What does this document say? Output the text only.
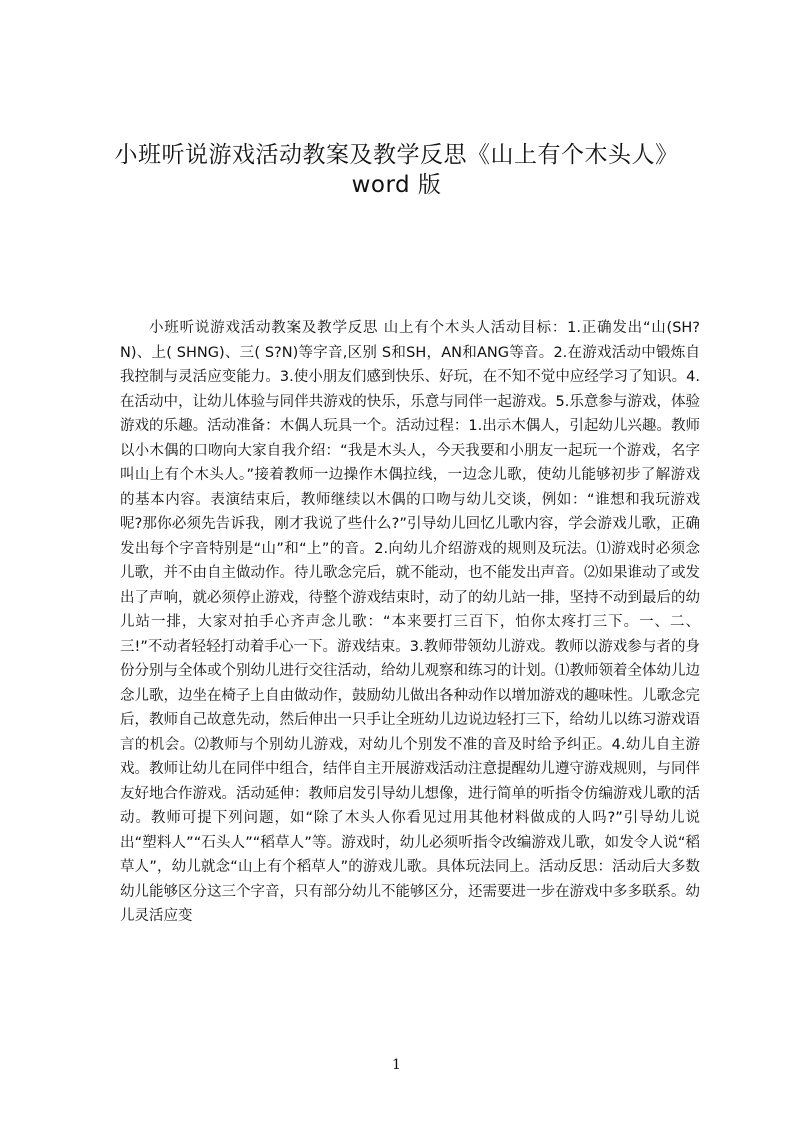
小班听说游戏活动教案及教学反思《山上有个木头人》word 版

小班听说游戏活动教案及教学反思 山上有个木头人活动目标：1.正确发出“山(SH?N)、上( SHNG)、三( S?N)等字音,区别 S和SH，AN和ANG等音。2.在游戏活动中锻炼自我控制与灵活应变能力。3.使小朋友们感到快乐、好玩，在不知不觉中应经学习了知识。4.在活动中，让幼儿体验与同伴共游戏的快乐，乐意与同伴一起游戏。5.乐意参与游戏，体验游戏的乐趣。活动准备：木偶人玩具一个。活动过程：1.出示木偶人，引起幼儿兴趣。教师以小木偶的口吻向大家自我介绍：“我是木头人，今天我要和小朋友一起玩一个游戏，名字叫山上有个木头人。”接着教师一边操作木偶拉线，一边念儿歌，使幼儿能够初步了解游戏的基本内容。表演结束后，教师继续以木偶的口吻与幼儿交谈，例如：“谁想和我玩游戏呢?那你必须先告诉我，刚才我说了些什么?”引导幼儿回忆儿歌内容，学会游戏儿歌，正确发出每个字音特别是“山”和“上”的音。2.向幼儿介绍游戏的规则及玩法。⑴游戏时必须念儿歌，并不由自主做动作。待儿歌念完后，就不能动，也不能发出声音。⑵如果谁动了或发出了声响，就必须停止游戏，待整个游戏结束时，动了的幼儿站一排，坚持不动到最后的幼儿站一排，大家对拍手心齐声念儿歌：“本来要打三百下，怕你太疼打三下。一、二、三!”不动者轻轻打动着手心一下。游戏结束。3.教师带领幼儿游戏。教师以游戏参与者的身份分别与全体或个别幼儿进行交往活动，给幼儿观察和练习的计划。⑴教师领着全体幼儿边念儿歌，边坐在椅子上自由做动作，鼓励幼儿做出各种动作以增加游戏的趣味性。儿歌念完后，教师自己故意先动，然后伸出一只手让全班幼儿边说边轻打三下，给幼儿以练习游戏语言的机会。⑵教师与个别幼儿游戏，对幼儿个别发不准的音及时给予纠正。4.幼儿自主游戏。教师让幼儿在同伴中组合，结伴自主开展游戏活动注意提醒幼儿遵守游戏规则，与同伴友好地合作游戏。活动延伸：教师启发引导幼儿想像，进行简单的听指令仿编游戏儿歌的活动。教师可提下列问题，如“除了木头人你看见过用其他材料做成的人吗?”引导幼儿说出“塑料人”“石头人”“稻草人”等。游戏时，幼儿必须听指令改编游戏儿歌，如发令人说“稻草人”，幼儿就念“山上有个稻草人”的游戏儿歌。具体玩法同上。活动反思：活动后大多数幼儿能够区分这三个字音，只有部分幼儿不能够区分，还需要进一步在游戏中多多联系。幼儿灵活应变

1
